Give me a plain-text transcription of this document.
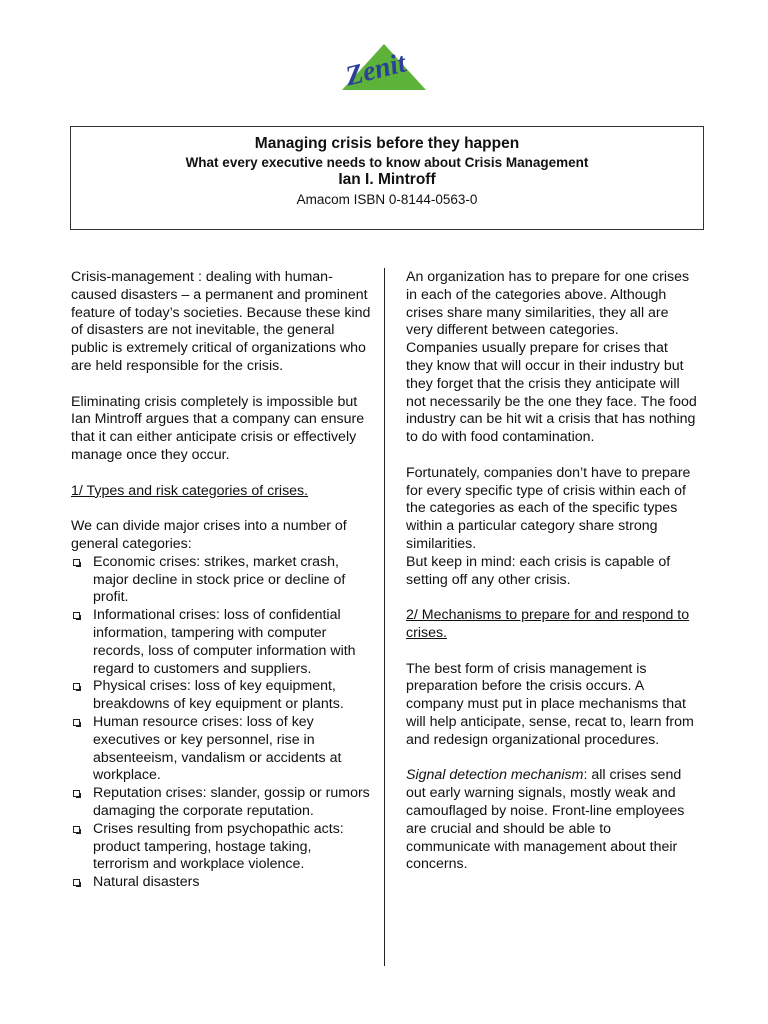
Zenit
Managing crisis before they happen
What every executive needs to know about Crisis Management
Ian I. Mintroff
Amacom ISBN 0-8144-0563-0

Crisis-management : dealing with human-caused disasters – a permanent and prominent feature of today’s societies. Because these kind of disasters are not inevitable, the general public is extremely critical of organizations who are held responsible for the crisis.

Eliminating crisis completely is impossible but Ian Mintroff argues that a company can ensure that it can either anticipate crisis or effectively manage once they occur.

1/ Types and risk categories of crises.

We can divide major crises into a number of general categories:

Economic crises: strikes, market crash, major decline in stock price or decline of profit.
Informational crises: loss of confidential information, tampering with computer records, loss of computer information with regard to customers and suppliers.
Physical crises: loss of key equipment, breakdowns of key equipment or plants.
Human resource crises: loss of key executives or key personnel, rise in absenteeism, vandalism or accidents at workplace.
Reputation crises: slander, gossip or rumors damaging the corporate reputation.
Crises resulting from psychopathic acts: product tampering, hostage taking, terrorism and workplace violence.
Natural disasters

An organization has to prepare for one crises in each of the categories above. Although crises share many similarities, they all are very different between categories.

Companies usually prepare for crises that they know that will occur in their industry but they forget that the crisis they anticipate will not necessarily be the one they face. The food industry can be hit wit a crisis that has nothing to do with food contamination.

Fortunately, companies don’t have to prepare for every specific type of crisis within each of the categories as each of the specific types within a particular category share strong similarities.

But keep in mind: each crisis is capable of setting off any other crisis.

2/ Mechanisms to prepare for and respond to crises.

The best form of crisis management is preparation before the crisis occurs. A company must put in place mechanisms that will help anticipate, sense, recat to, learn from and redesign organizational procedures.

Signal detection mechanism: all crises send out early warning signals, mostly weak and camouflaged by noise. Front-line employees are crucial and should be able to communicate with management about their concerns.
